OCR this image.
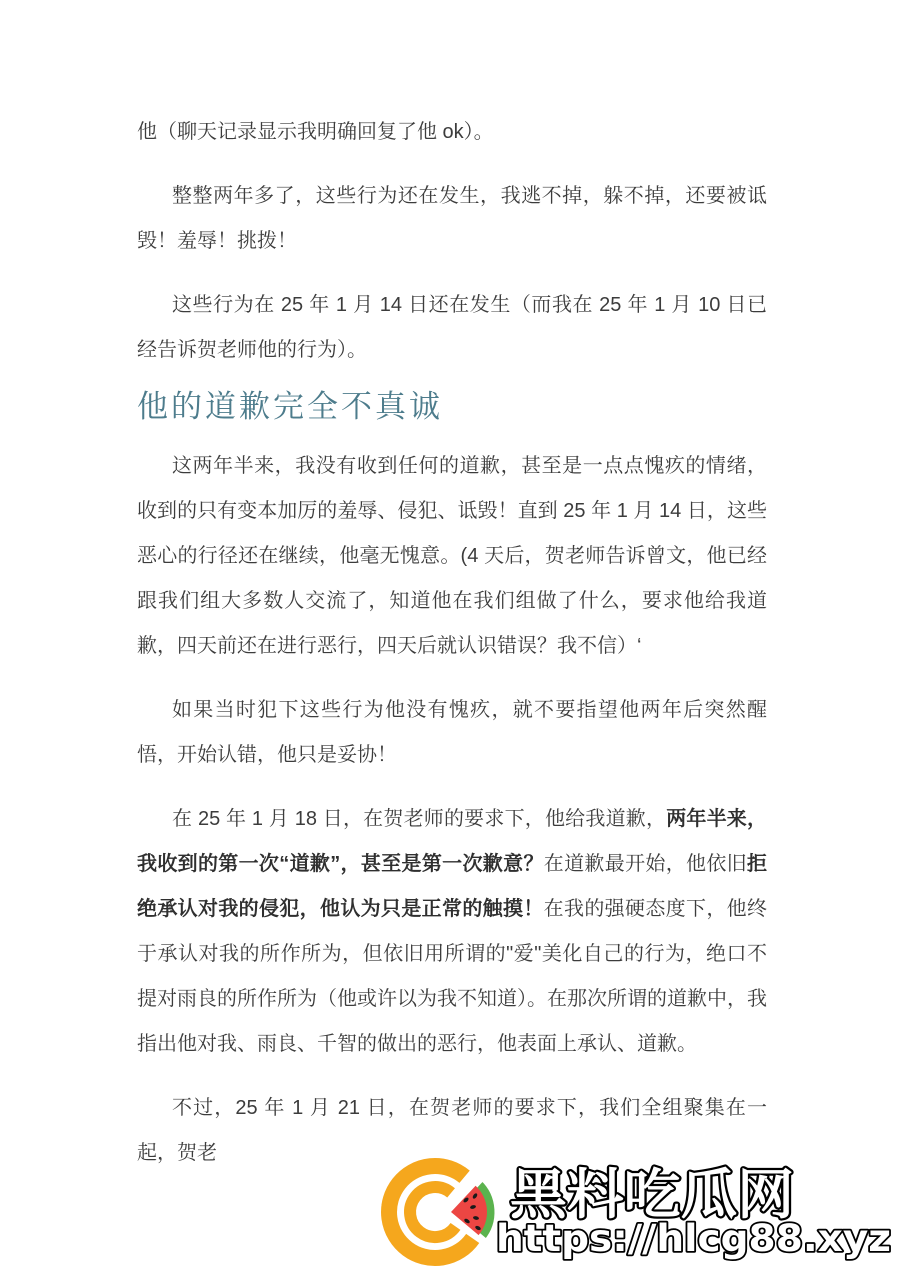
他（聊天记录显示我明确回复了他 ok）。

整整两年多了，这些行为还在发生，我逃不掉，躲不掉，还要被诋毁！羞辱！挑拨！

这些行为在 25 年 1 月 14 日还在发生（而我在 25 年 1 月 10 日已经告诉贺老师他的行为）。

他的道歉完全不真诚

这两年半来，我没有收到任何的道歉，甚至是一点点愧疚的情绪，收到的只有变本加厉的羞辱、侵犯、诋毁！直到 25 年 1 月 14 日，这些恶心的行径还在继续，他毫无愧意。(4 天后，贺老师告诉曾文，他已经跟我们组大多数人交流了，知道他在我们组做了什么，要求他给我道歉，四天前还在进行恶行，四天后就认识错误？我不信）‘

如果当时犯下这些行为他没有愧疚，就不要指望他两年后突然醒悟，开始认错，他只是妥协！

在 25 年 1 月 18 日，在贺老师的要求下，他给我道歉，两年半来，我收到的第一次“道歉”，甚至是第一次歉意？在道歉最开始，他依旧拒绝承认对我的侵犯，他认为只是正常的触摸！在我的强硬态度下，他终于承认对我的所作所为，但依旧用所谓的"爱"美化自己的行为，绝口不提对雨良的所作所为（他或许以为我不知道）。在那次所谓的道歉中，我指出他对我、雨良、千智的做出的恶行，他表面上承认、道歉。

不过，25 年 1 月 21 日，在贺老师的要求下，我们全组聚集在一起，贺老

黑料吃瓜网
https://hlcg88.xyz
